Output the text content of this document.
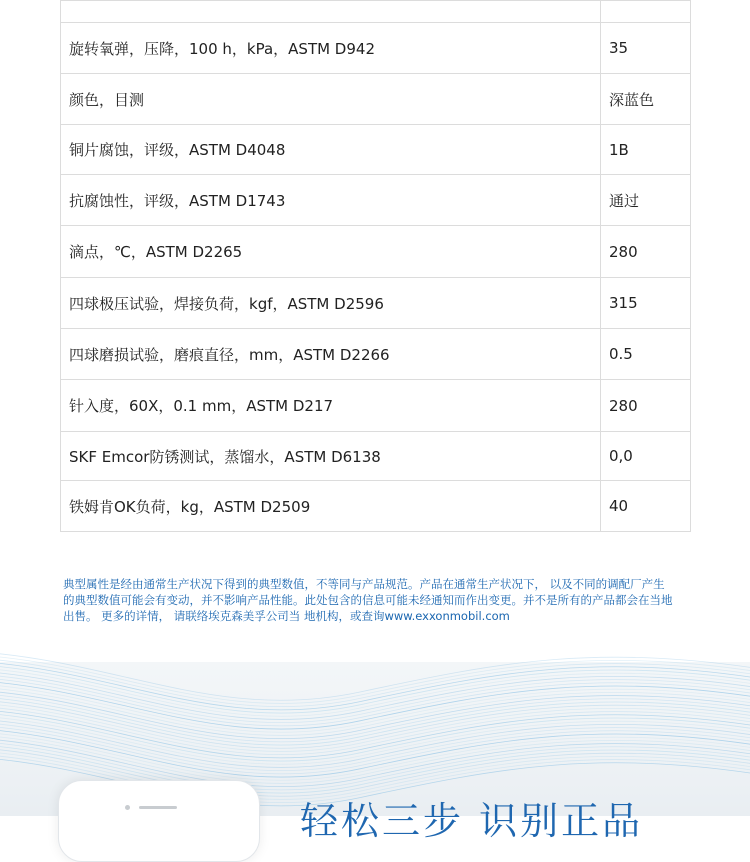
旋转氧弹，压降，100 h，kPa，ASTM D942	35
颜色，目测	深蓝色
铜片腐蚀，评级，ASTM D4048	1B
抗腐蚀性，评级，ASTM D1743	通过
滴点，℃，ASTM D2265	280
四球极压试验，焊接负荷，kgf，ASTM D2596	315
四球磨损试验，磨痕直径，mm，ASTM D2266	0.5
针入度，60X，0.1 mm，ASTM D217	280
SKF Emcor防锈测试，蒸馏水，ASTM D6138	0,0
铁姆肯OK负荷，kg，ASTM D2509	40
典型属性是经由通常生产状况下得到的典型数值，不等同与产品规范。产品在通常生产状况下， 以及不同的调配厂产生的典型数值可能会有变动，并不影响产品性能。此处包含的信息可能未经通知而作出变更。并不是所有的产品都会在当地出售。 更多的详情， 请联络埃克森美孚公司当 地机构，或查询www.exxonmobil.com
轻松三步 识别正品
